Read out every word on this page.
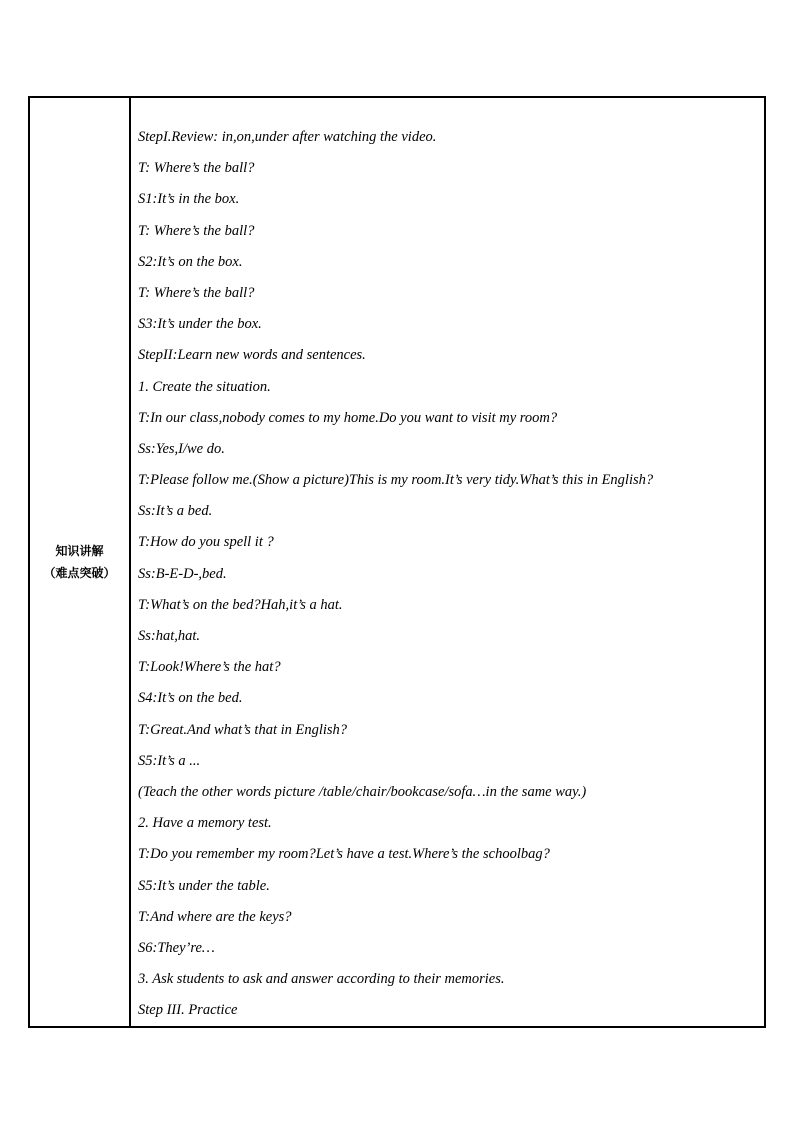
知识讲解
（难点突破）

StepI.Review: in,on,under after watching the video.
T: Where’s the ball?
S1:It’s in the box.
T: Where’s the ball?
S2:It’s on the box.
T: Where’s the ball?
S3:It’s under the box.
StepII:Learn new words and sentences.
1. Create the situation.
T:In our class,nobody comes to my home.Do you want to visit my room?
Ss:Yes,I/we do.
T:Please follow me.(Show a picture)This is my room.It’s very tidy.What’s this in English?
Ss:It’s a bed.
T:How do you spell it ?
Ss:B-E-D-,bed.
T:What’s on the bed?Hah,it’s a hat.
Ss:hat,hat.
T:Look!Where’s the hat?
S4:It’s on the bed.
T:Great.And what’s that in English?
S5:It’s a ...
(Teach the other words picture /table/chair/bookcase/sofa…in the same way.)
2. Have a memory test.
T:Do you remember my room?Let’s have a test.Where’s the schoolbag?
S5:It’s under the table.
T:And where are the keys?
S6:They’re…
3. Ask students to ask and answer according to their memories.
Step III. Practice
